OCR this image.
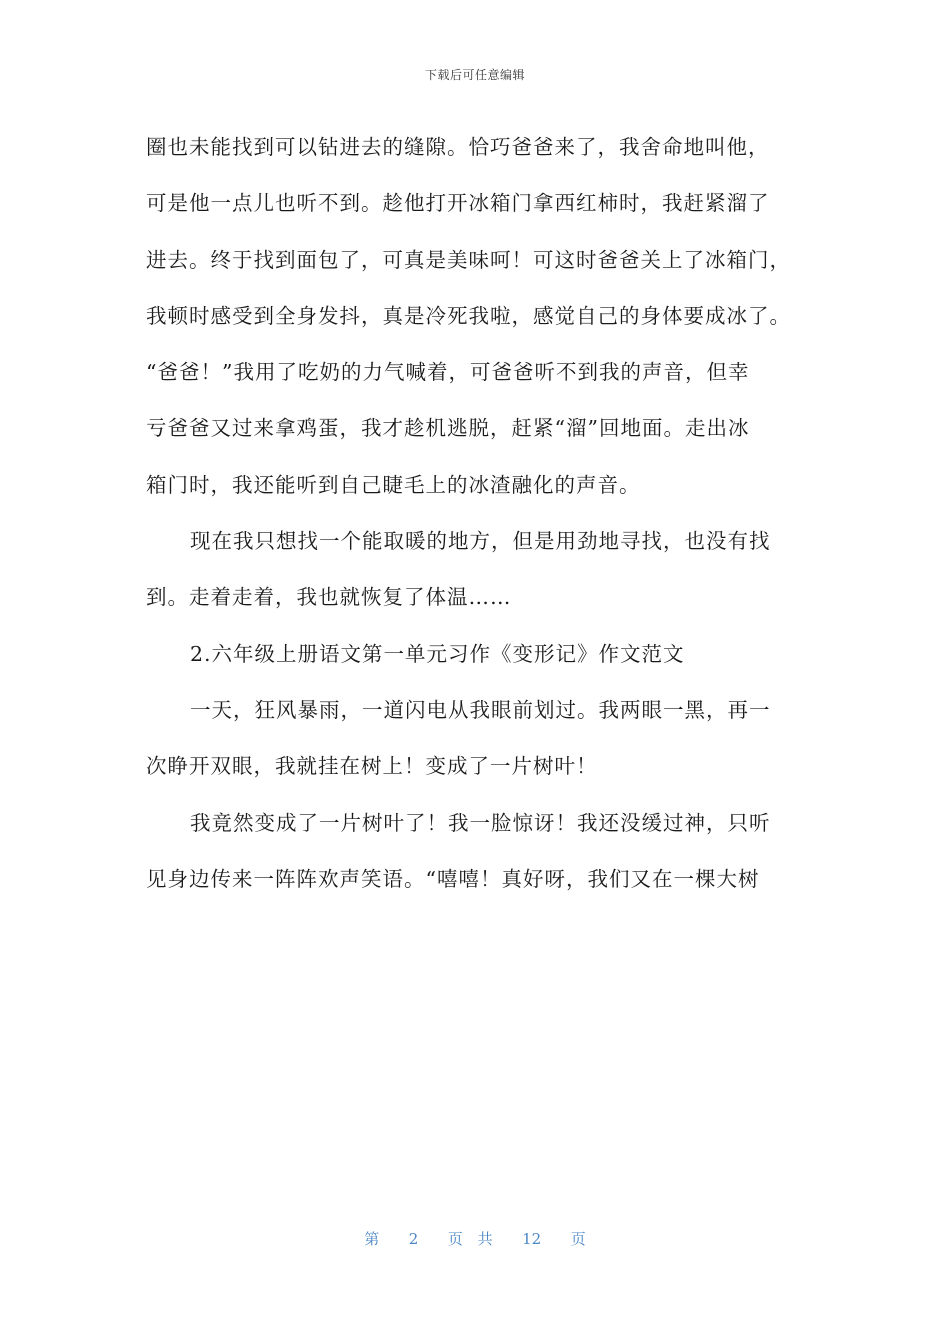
下载后可任意编辑
圈也未能找到可以钻进去的缝隙。恰巧爸爸来了，我舍命地叫他，
可是他一点儿也听不到。趁他打开冰箱门拿西红柿时，我赶紧溜了
进去。终于找到面包了，可真是美味呵！可这时爸爸关上了冰箱门，
我顿时感受到全身发抖，真是冷死我啦，感觉自己的身体要成冰了。
“爸爸！”我用了吃奶的力气喊着，可爸爸听不到我的声音，但幸
亏爸爸又过来拿鸡蛋，我才趁机逃脱，赶紧“溜”回地面。走出冰
箱门时，我还能听到自己睫毛上的冰渣融化的声音。
现在我只想找一个能取暖的地方，但是用劲地寻找，也没有找
到。走着走着，我也就恢复了体温……
2.六年级上册语文第一单元习作《变形记》作文范文
一天，狂风暴雨，一道闪电从我眼前划过。我两眼一黑，再一
次睁开双眼，我就挂在树上！变成了一片树叶！
我竟然变成了一片树叶了！我一脸惊讶！我还没缓过神，只听
见身边传来一阵阵欢声笑语。“嘻嘻！真好呀，我们又在一棵大树
第  2  页 共  12  页
